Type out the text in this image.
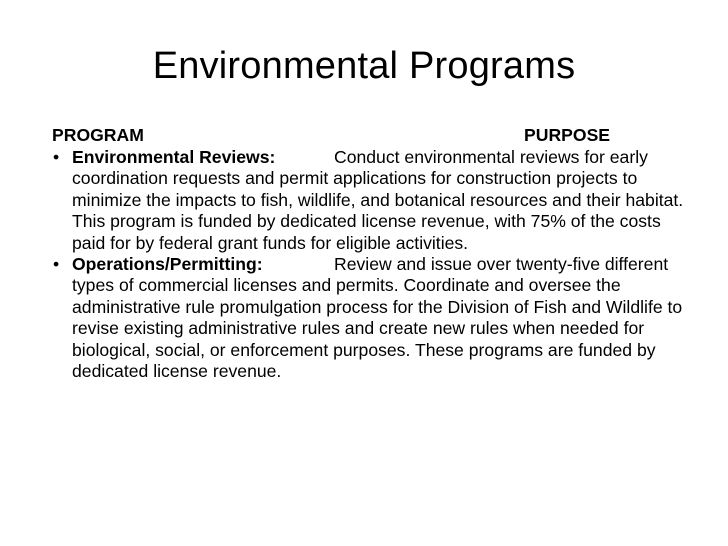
Environmental Programs
PROGRAM	PURPOSE
• Environmental Reviews:	Conduct environmental reviews for early coordination requests and permit applications for construction projects to minimize the impacts to fish, wildlife, and botanical resources and their habitat. This program is funded by dedicated license revenue, with 75% of the costs paid for by federal grant funds for eligible activities.
• Operations/Permitting:	Review and issue over twenty-five different types of commercial licenses and permits. Coordinate and oversee the administrative rule promulgation process for the Division of Fish and Wildlife to revise existing administrative rules and create new rules when needed for biological, social, or enforcement purposes. These programs are funded by dedicated license revenue.
